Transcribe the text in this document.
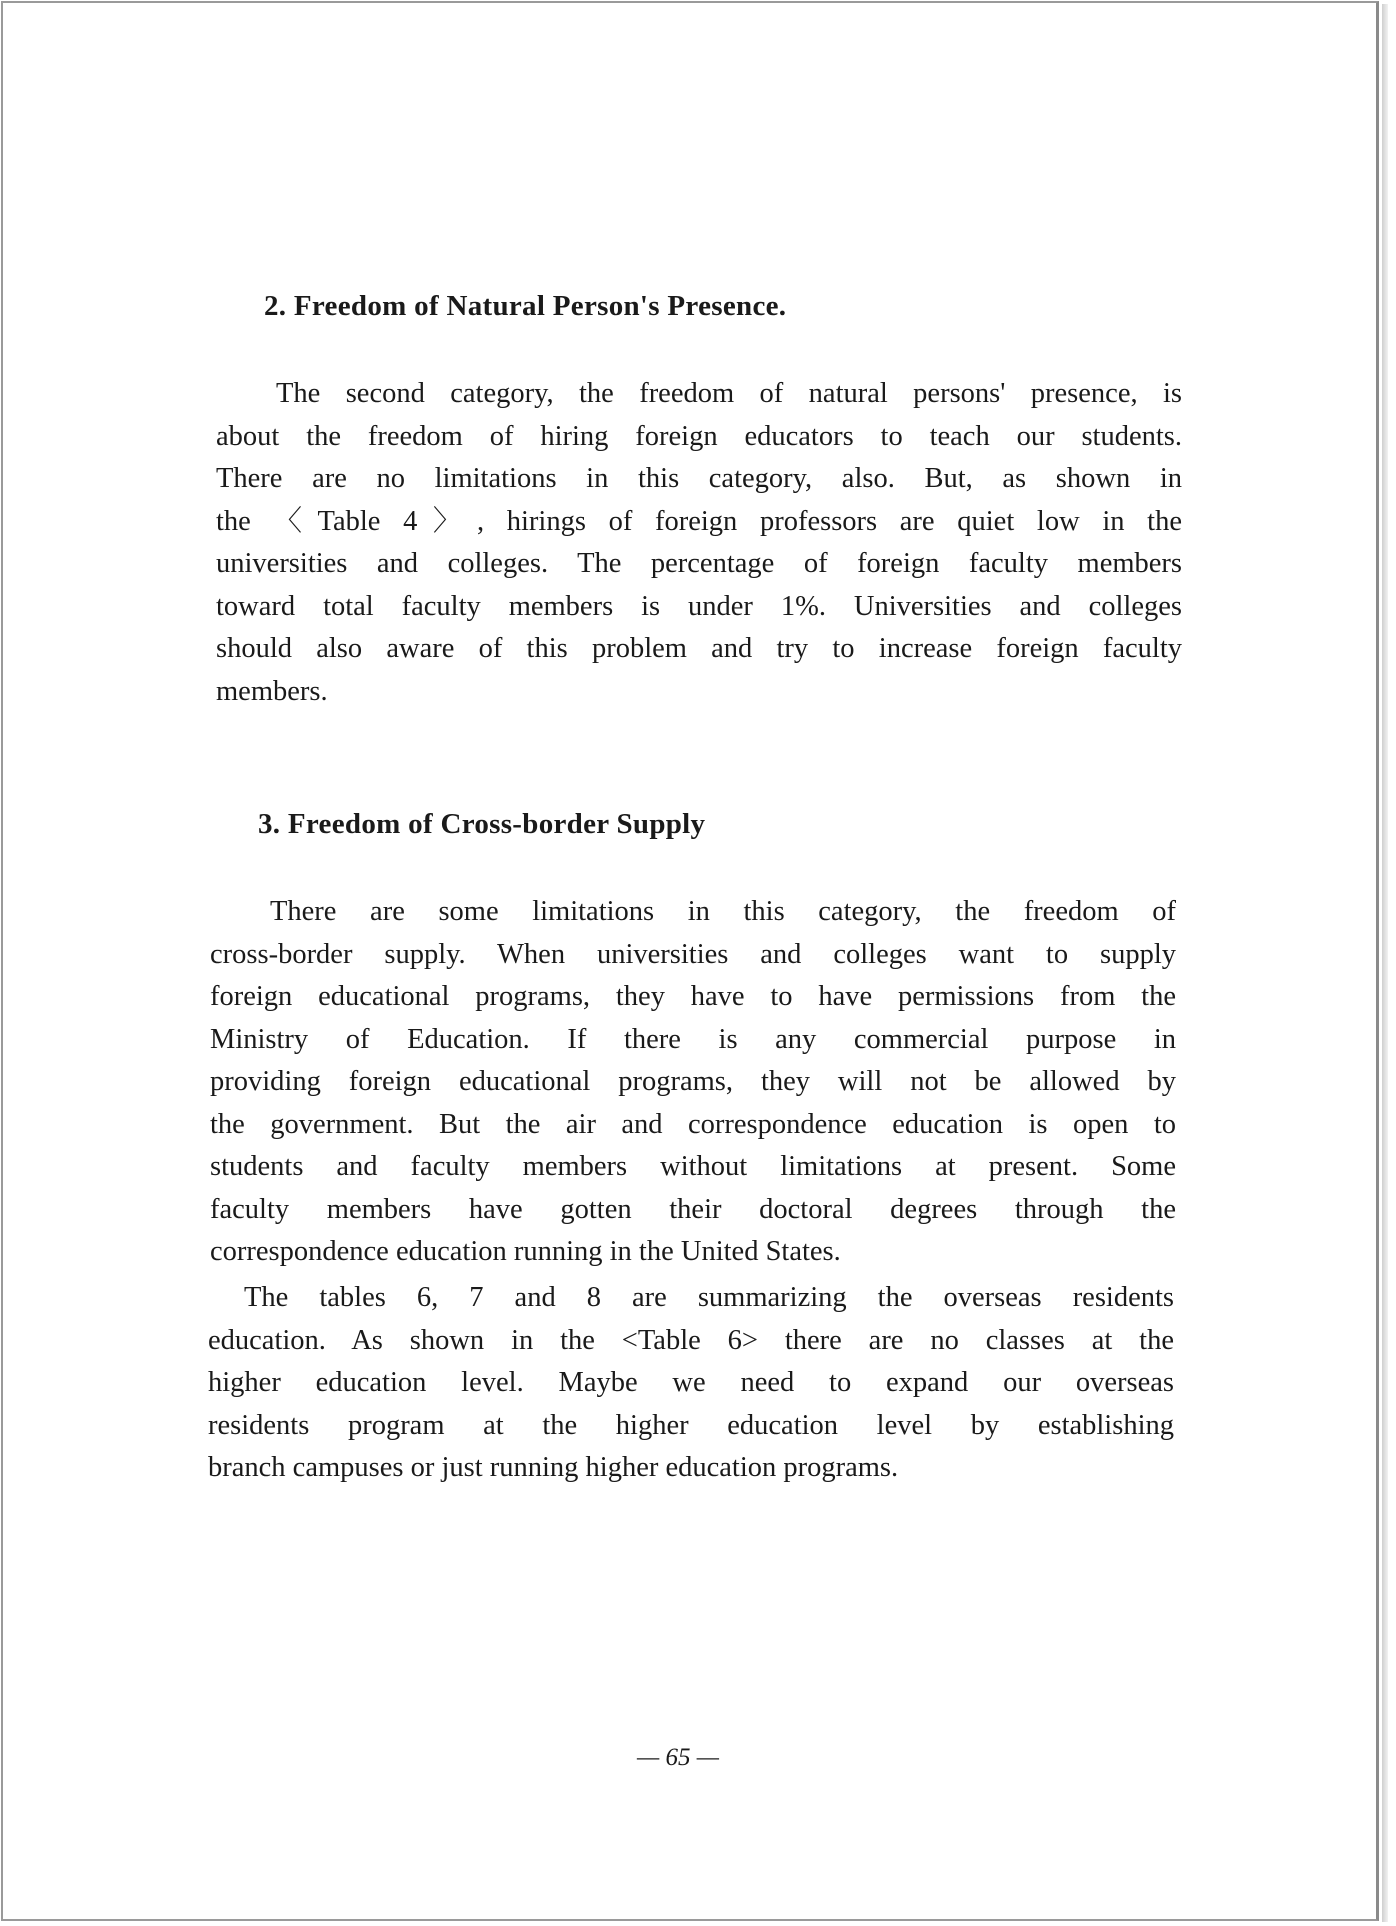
2. Freedom of Natural Person's Presence.
The second category, the freedom of natural persons' presence, is
about the freedom of hiring foreign educators to teach our students.
There are no limitations in this category, also. But, as shown in
the 〈Table 4〉, hirings of foreign professors are quiet low in the
universities and colleges. The percentage of foreign faculty members
toward total faculty members is under 1%. Universities and colleges
should also aware of this problem and try to increase foreign faculty
members.
3. Freedom of Cross-border Supply
There are some limitations in this category, the freedom of
cross-border supply. When universities and colleges want to supply
foreign educational programs, they have to have permissions from the
Ministry of Education. If there is any commercial purpose in
providing foreign educational programs, they will not be allowed by
the government. But the air and correspondence education is open to
students and faculty members without limitations at present. Some
faculty members have gotten their doctoral degrees through the
correspondence education running in the United States.
The tables 6, 7 and 8 are summarizing the overseas residents
education. As shown in the <Table 6> there are no classes at the
higher education level. Maybe we need to expand our overseas
residents program at the higher education level by establishing
branch campuses or just running higher education programs.
— 65 —
